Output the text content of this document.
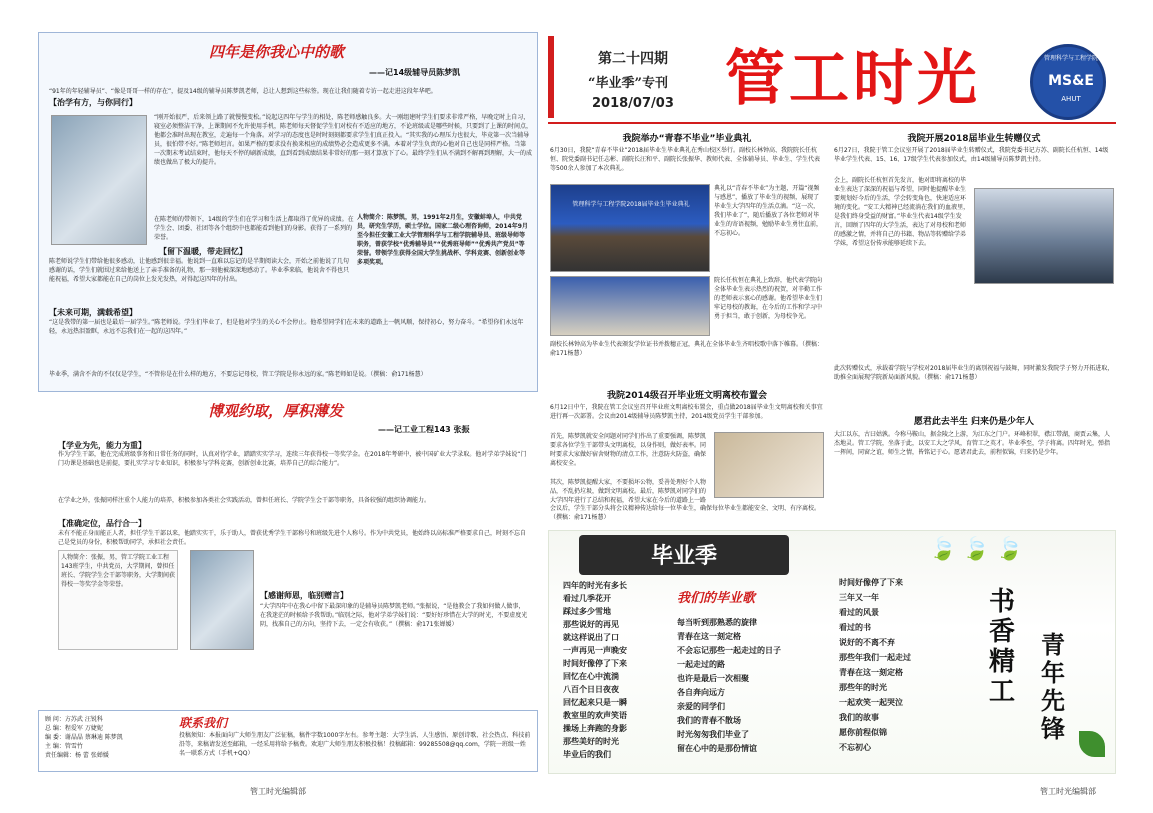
四年是你我心中的歌
——记14级辅导员陈梦凯
“91年的年轻辅导员”、“像是哥哥一样的存在”，提及14级的辅导员陈梦凯老师，总让人想到这些标签。现在让我们随着专访一起走进这段年华吧。
【治学有方，与你同行】
“刚开始很严，后来领上路了就慢慢变松。”说起这四年与学生的相处，陈老师感触良多。大一刚组建时学生们要求非常严格，早晚定时上自习，寝室必须整洁干净，上课期间不允许使用手机，陈老师每天督促学生们对校有不适应的地方，不论班级或是哪些时候，只要到了上课的时间点，他都会准时出现在教室，走遍每一个角落。对学习的态度也是时时刻刻都要求学生们真正投入。“其实我的心理压力也很大，毕竟第一次当辅导员，很怕带不好。”陈老师坦言。如果严格的要求没有换来相应的成绩势必会造成更多不满。本着对学生负责的心他对自己也是同样严格。当第一次期末考试结束时，他每天不停的刷新成绩，直到看到成绩结果非常好的那一刻才算放下了心。最终学生们从不满到不解再到理解，大一的成绩也做出了极大的提升。
在陈老师的带领下，14级的学生们在学习和生活上都取得了优异的成绩。在学生会、团委、社团等各个组织中也都能看到他们的身影。获得了一系列的荣誉。
人物简介：陈梦凯，男，1991年2月生，安徽蚌埠人，中共党员，研究生学历，硕士学位。国家二级心理咨询师，2014年9月至今担任安徽工业大学管理科学与工程学院辅导员、班级导师等职务，曾获学校“优秀辅导员”“优秀班导师”“优秀共产党员”等荣誉。带领学生获得全国大学生挑战杯、学科竞赛、创新创业等多项奖项。
【留下温暖，带走回忆】
陈老师说学生们带给他很多感动，让他感到很幸福。他说到一直难以忘记的是半期阅读大会，开始之前他说了几句感谢的话，学生们就围过来给他送上了亲手准备的礼物，那一刻他被深深地感动了。毕业季来临，他说舍不得也只能祝福，希望大家都能在自己的岗位上发光发热，对得起这四年的付出。
【未来可期，满载希望】
“这是我带的第一届也是最后一届学生。”陈老师说。学生们毕业了，但是他对学生的关心不会停止。他希望同学们在未来的道路上一帆风顺，保持初心，努力奋斗。“希望你们永远年轻，永远热泪盈眶，永远不忘我们在一起的这四年。”
毕业季，满含不舍的不仅仅是学生，“不管你是在什么样的地方，不要忘记母校，管工学院是你永远的家。”陈老师如是说。（撰稿：俞171杨慧）
博观约取，厚积薄发
——记工业工程143 张振
【学业为先，能力为重】
作为学生干部，他在完成班级事务和日常任务的同时，认真对待学业，踏踏实实学习，连续三年获得校一等奖学金。在2018年考研中，被中国矿业大学录取。他对学弟学妹说“门门功课是基础也是前提，要扎实学习专业知识，积极参与学科竞赛，创新创业比赛，培养自己的综合能力”。
在学业之外，张振同样注重个人能力的培养，积极参加各类社会实践活动，曾担任班长、学院学生会干部等职务，具备较强的组织协调能力。
【准确定位，品行合一】
未有不能正身而能正人者，担任学生干部以来，他踏实实干，乐于助人，曾获优秀学生干部称号和班级先进个人称号。作为中共党员，他始终以高标准严格要求自己，时刻不忘自己是党员的身份，积极帮助同学，承担社会责任。
人物简介：张振，男，管工学院工业工程143班学生，中共党员，大学期间，曾担任班长、学院学生会干部等职务，大学期间获得校一等奖学金等荣誉。
【感谢师恩，临别赠言】
“大学四年中在我心中留下最深印象的是辅导员陈梦凯老师。”张振说，“是他教会了我如何做人做事，在我迷茫的时候给予我帮助。”临别之际，他对学弟学妹们说：“要好好珍惜在大学的时光，不要虚度光阴，找准自己的方向，坚持下去，一定会有收获。”（撰稿：俞171张婵媛）
顾 问：方苏武 汪锐科
总 编：程爱军 万婕妮
编 委：谢晶晶 蔡琳迪 陈梦凯
主 编：管雪竹
责任编辑：杨 蕾 张婵媛
联系我们
投稿须知：本报面向广大师生朋友广泛征稿，稿件字数1000字左右。参考主题：大学生活、人生感悟、原创诗歌、社会热点、科技前沿等，来稿请发送至邮箱，一经采用将给予稿费。欢迎广大师生朋友积极投稿！投稿邮箱：99285508@qq.com，学院一班级一姓名一联系方式（手机+QQ）
第二十四期
“毕业季”专刊
2018/07/03 管工时光	管理科学与工程学院
MS&E
AHUT
我院举办“青春不毕业”毕业典礼
6月30日，我院“青春不毕业”2018届毕业生毕业典礼在秀山校区举行。副校长林钟高、我院院长任杭恒、院党委副书记任志彬、副院长汪和平、副院长张振华、教师代表、全体辅导员、毕业生、学生代表等500余人参加了本次典礼。
管理科学与工程学院2018届毕业生毕业典礼
典礼以“青春不毕业”为主题，开篇“视频与感恩”，播放了毕业生的视频，展现了毕业生大学四年的生活点滴。“这一次，我们毕业了”，随后播放了各位老师对毕业生的寄语视频，勉励毕业生勇往直前，不忘初心。
院长任杭恒在典礼上致辞，他代表学院向全体毕业生表示热烈的祝贺，对辛勤工作的老师表示衷心的感谢。他希望毕业生们牢记母校的教诲，在今后的工作和学习中勇于担当，敢于创新，为母校争光。
副校长林钟高为毕业生代表颁发学位证书并拨穗正冠，典礼在全体毕业生齐唱校歌中落下帷幕。（撰稿：俞171杨慧）
我院2014级召开毕业班文明离校布置会
6月12日中午，我院在管工会议室召开毕业班文明离校布置会，重点做2018届毕业生文明离校和关事宜进行再一次部署。会议由2014级辅导员陈梦凯主持，2014级党员学生干部参加。
首先，陈梦凯就安全问题对同学们作出了重要强调，陈梦凯要求各位学生干部带头文明离校，以身作则，做好表率。同时要求大家做好宿舍财物的清点工作，注意防火防盗，确保离校安全。
其次，陈梦凯提醒大家，不要损坏公物，妥善处理好个人物品，不乱扔垃圾，做到文明离校。最后，陈梦凯对同学们的大学四年进行了总结和祝福，希望大家在今后的道路上一路
会议后，学生干部分头将会议精神传达给每一位毕业生，确保每位毕业生都能安全、文明、有序离校。（撰稿：俞171杨慧）
我院开展2018届毕业生转赠仪式
6月27日，我院于管工会议室开展了2018届毕业生转赠仪式，我院党委书记方苏、副院长任杭恒、14级毕业学生代表、15、16、17级学生代表参加仪式，由14级辅导员陈梦凯主持。
会上，副院长任杭恒首先发言，他对即将离校的毕业生表达了深深的祝福与希望，同时他提醒毕业生要规划好今后的生活，学会转变角色，快速适应环境的变化。“安工大精神已经流淌在我们的血液里，是我们终身受益的财富。”毕业生代表14级学生发言，回顾了四年的大学生活，表达了对母校和老师的感激之情，并将自己的书籍、物品等转赠给学弟学妹，希望这份传承能够延续下去。
此次转赠仪式，承载着学院与学校对2018届毕业生的离别祝福与鼓舞，同时激发我院学子努力开拓进取，助推全面展现学院新局面新风貌。（撰稿：俞171杨慧）
愿君此去半生 归来仍是少年人
大江以东，古曰姑孰。今称马鞍山，据金陵之上游，为江东之门户。环峰积翠，襟江带湖，商贾云集，人杰地灵。管工学院，坐落于此，以安工大之学风，育管工之英才。毕业季至，学子将离。四年时光，弹指一挥间，同窗之谊，师生之情，皆铭记于心。愿诸君此去，前程似锦，归来仍是少年。
毕业季	🍃🍃🍃
四年的时光有多长
看过几季花开
踩过多少雪地
那些说好的再见
就这样说出了口
一声再见一声晚安
时间好像停了下来
回忆在心中流淌
八百个日日夜夜
回忆起来只是一瞬
教室里的欢声笑语
操场上奔跑的身影
那些美好的时光
毕业后的我们
我们的毕业歌
每当听到那熟悉的旋律
青春在这一刻定格
不会忘记那些一起走过的日子
一起走过的路
也许是最后一次相聚
各自奔向远方
亲爱的同学们
我们的青春不散场
时光匆匆我们毕业了
留在心中的是那份情谊
时间好像停了下来
三年又一年
看过的风景
看过的书
说好的不离不弃
那些年我们一起走过
青春在这一刻定格
那些年的时光
一起欢笑一起哭泣
我们的故事
愿你前程似锦
不忘初心
书香精工
青年先锋
管工时光编辑部	管工时光编辑部
